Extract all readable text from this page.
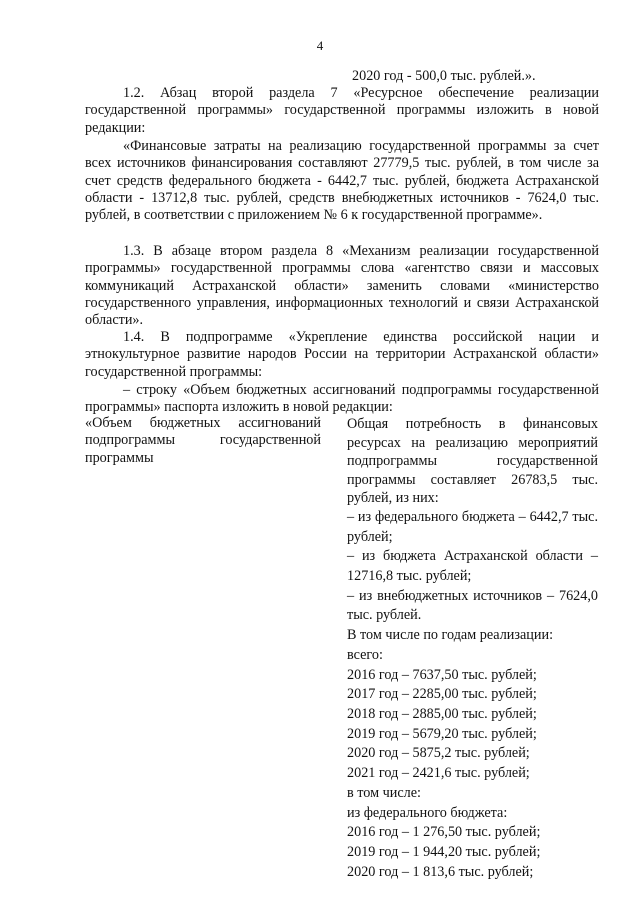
4

2020 год - 500,0 тыс. рублей.».

1.2. Абзац второй раздела 7 «Ресурсное обеспечение реализации государственной программы» государственной программы изложить в новой редакции:

«Финансовые затраты на реализацию государственной программы за счет всех источников финансирования составляют 27779,5 тыс. рублей, в том числе за счет средств федерального бюджета - 6442,7 тыс. рублей, бюджета Астраханской области - 13712,8 тыс. рублей, средств внебюджетных источников - 7624,0 тыс. рублей, в соответствии с приложением № 6 к государственной программе».

1.3. В абзаце втором раздела 8 «Механизм реализации государственной программы» государственной программы слова «агентство связи и массовых коммуникаций Астраханской области» заменить словами «министерство государственного управления, информационных технологий и связи Астраханской области».

1.4. В подпрограмме «Укрепление единства российской нации и этнокультурное развитие народов России на территории Астраханской области» государственной программы:

– строку «Объем бюджетных ассигнований подпрограммы государственной программы» паспорта изложить в новой редакции:

«Объем бюджетных ассигнований подпрограммы государственной программы
Общая потребность в финансовых ресурсах на реализацию мероприятий подпрограммы государственной программы составляет 26783,5 тыс. рублей, из них:
– из федерального бюджета – 6442,7 тыс. рублей;
– из бюджета Астраханской области – 12716,8 тыс. рублей;
– из внебюджетных источников – 7624,0 тыс. рублей.
В том числе по годам реализации:
всего:
2016 год – 7637,50 тыс. рублей;
2017 год – 2285,00 тыс. рублей;
2018 год – 2885,00 тыс. рублей;
2019 год – 5679,20 тыс. рублей;
2020 год – 5875,2 тыс. рублей;
2021 год – 2421,6 тыс. рублей;
в том числе:
из федерального бюджета:
2016 год – 1 276,50 тыс. рублей;
2019 год – 1 944,20 тыс. рублей;
2020 год – 1 813,6 тыс. рублей;
